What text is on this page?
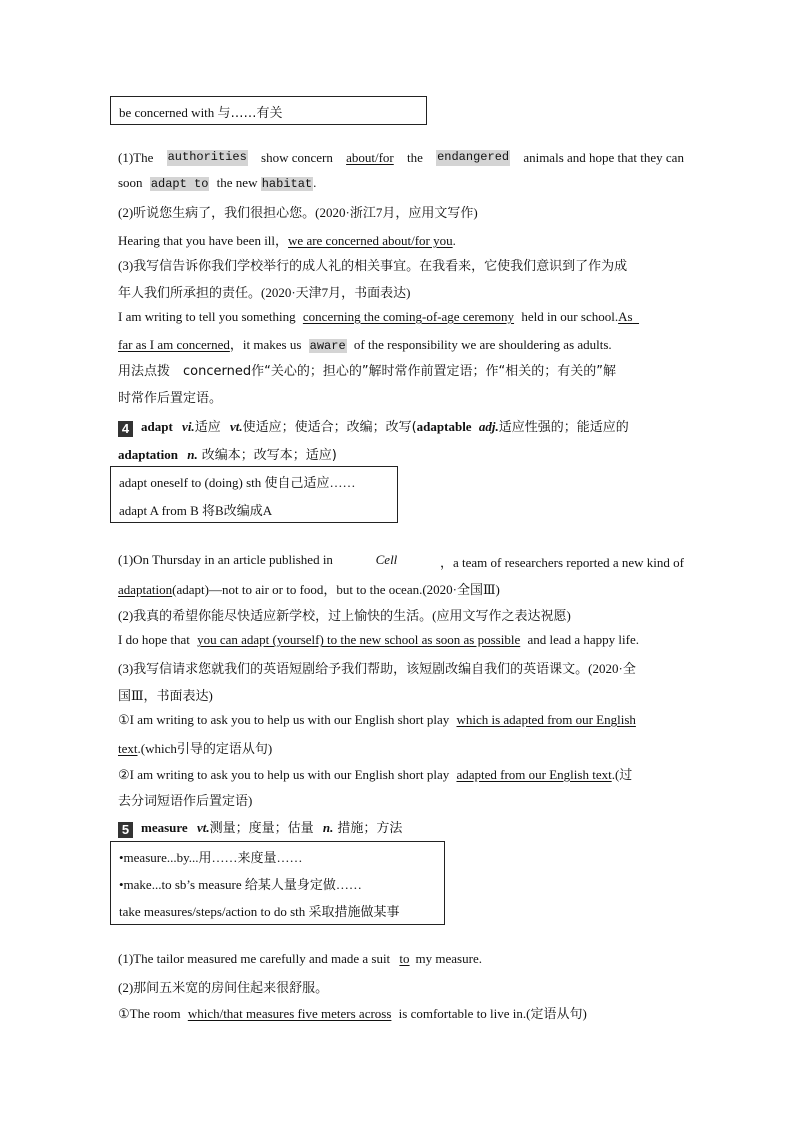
be concerned with 与……有关
(1)The authorities show concern about/for the endangered animals and hope that they can
soon adapt to the new habitat.
(2)听说您生病了，我们很担心您。(2020·浙江7月，应用文写作)
Hearing that you have been ill，we are concerned about/for you.
(3)我写信告诉你我们学校举行的成人礼的相关事宜。在我看来，它使我们意识到了作为成
年人我们所承担的责任。(2020·天津7月，书面表达)
I am writing to tell you something concerning the coming-of-age ceremony held in our school.As
far as I am concerned，it makes us aware of the responsibility we are shouldering as adults.
用法点拨　concerned作“关心的；担心的”解时常作前置定语；作“相关的；有关的”解
时常作后置定语。
4 adapt vi.适应 vt.使适应；使适合；改编；改写(adaptable adj.适应性强的；能适应的
adaptation n. 改编本；改写本；适应)
adapt oneself to (doing) sth 使自己适应……
adapt A from B 将B改编成A
(1)On Thursday in an article published in	Cell	，a team of researchers reported a new kind of
adaptation(adapt)—not to air or to food，but to the ocean.(2020·全国Ⅲ)
(2)我真的希望你能尽快适应新学校，过上愉快的生活。(应用文写作之表达祝愿)
I do hope that you can adapt (yourself) to the new school as soon as possible and lead a happy life.
(3)我写信请求您就我们的英语短剧给予我们帮助，该短剧改编自我们的英语课文。(2020·全
国Ⅲ，书面表达)
①I am writing to ask you to help us with our English short play which is adapted from our English
text.(which引导的定语从句)
②I am writing to ask you to help us with our English short play adapted from our English text.(过
去分词短语作后置定语)
5 measure vt.测量；度量；估量 n. 措施；方法
•measure...by...用……来度量……
•make...to sb’s measure 给某人量身定做……
take measures/steps/action to do sth 采取措施做某事
(1)The tailor measured me carefully and made a suit to my measure.
(2)那间五米宽的房间住起来很舒服。
①The room which/that measures five meters across is comfortable to live in.(定语从句)
